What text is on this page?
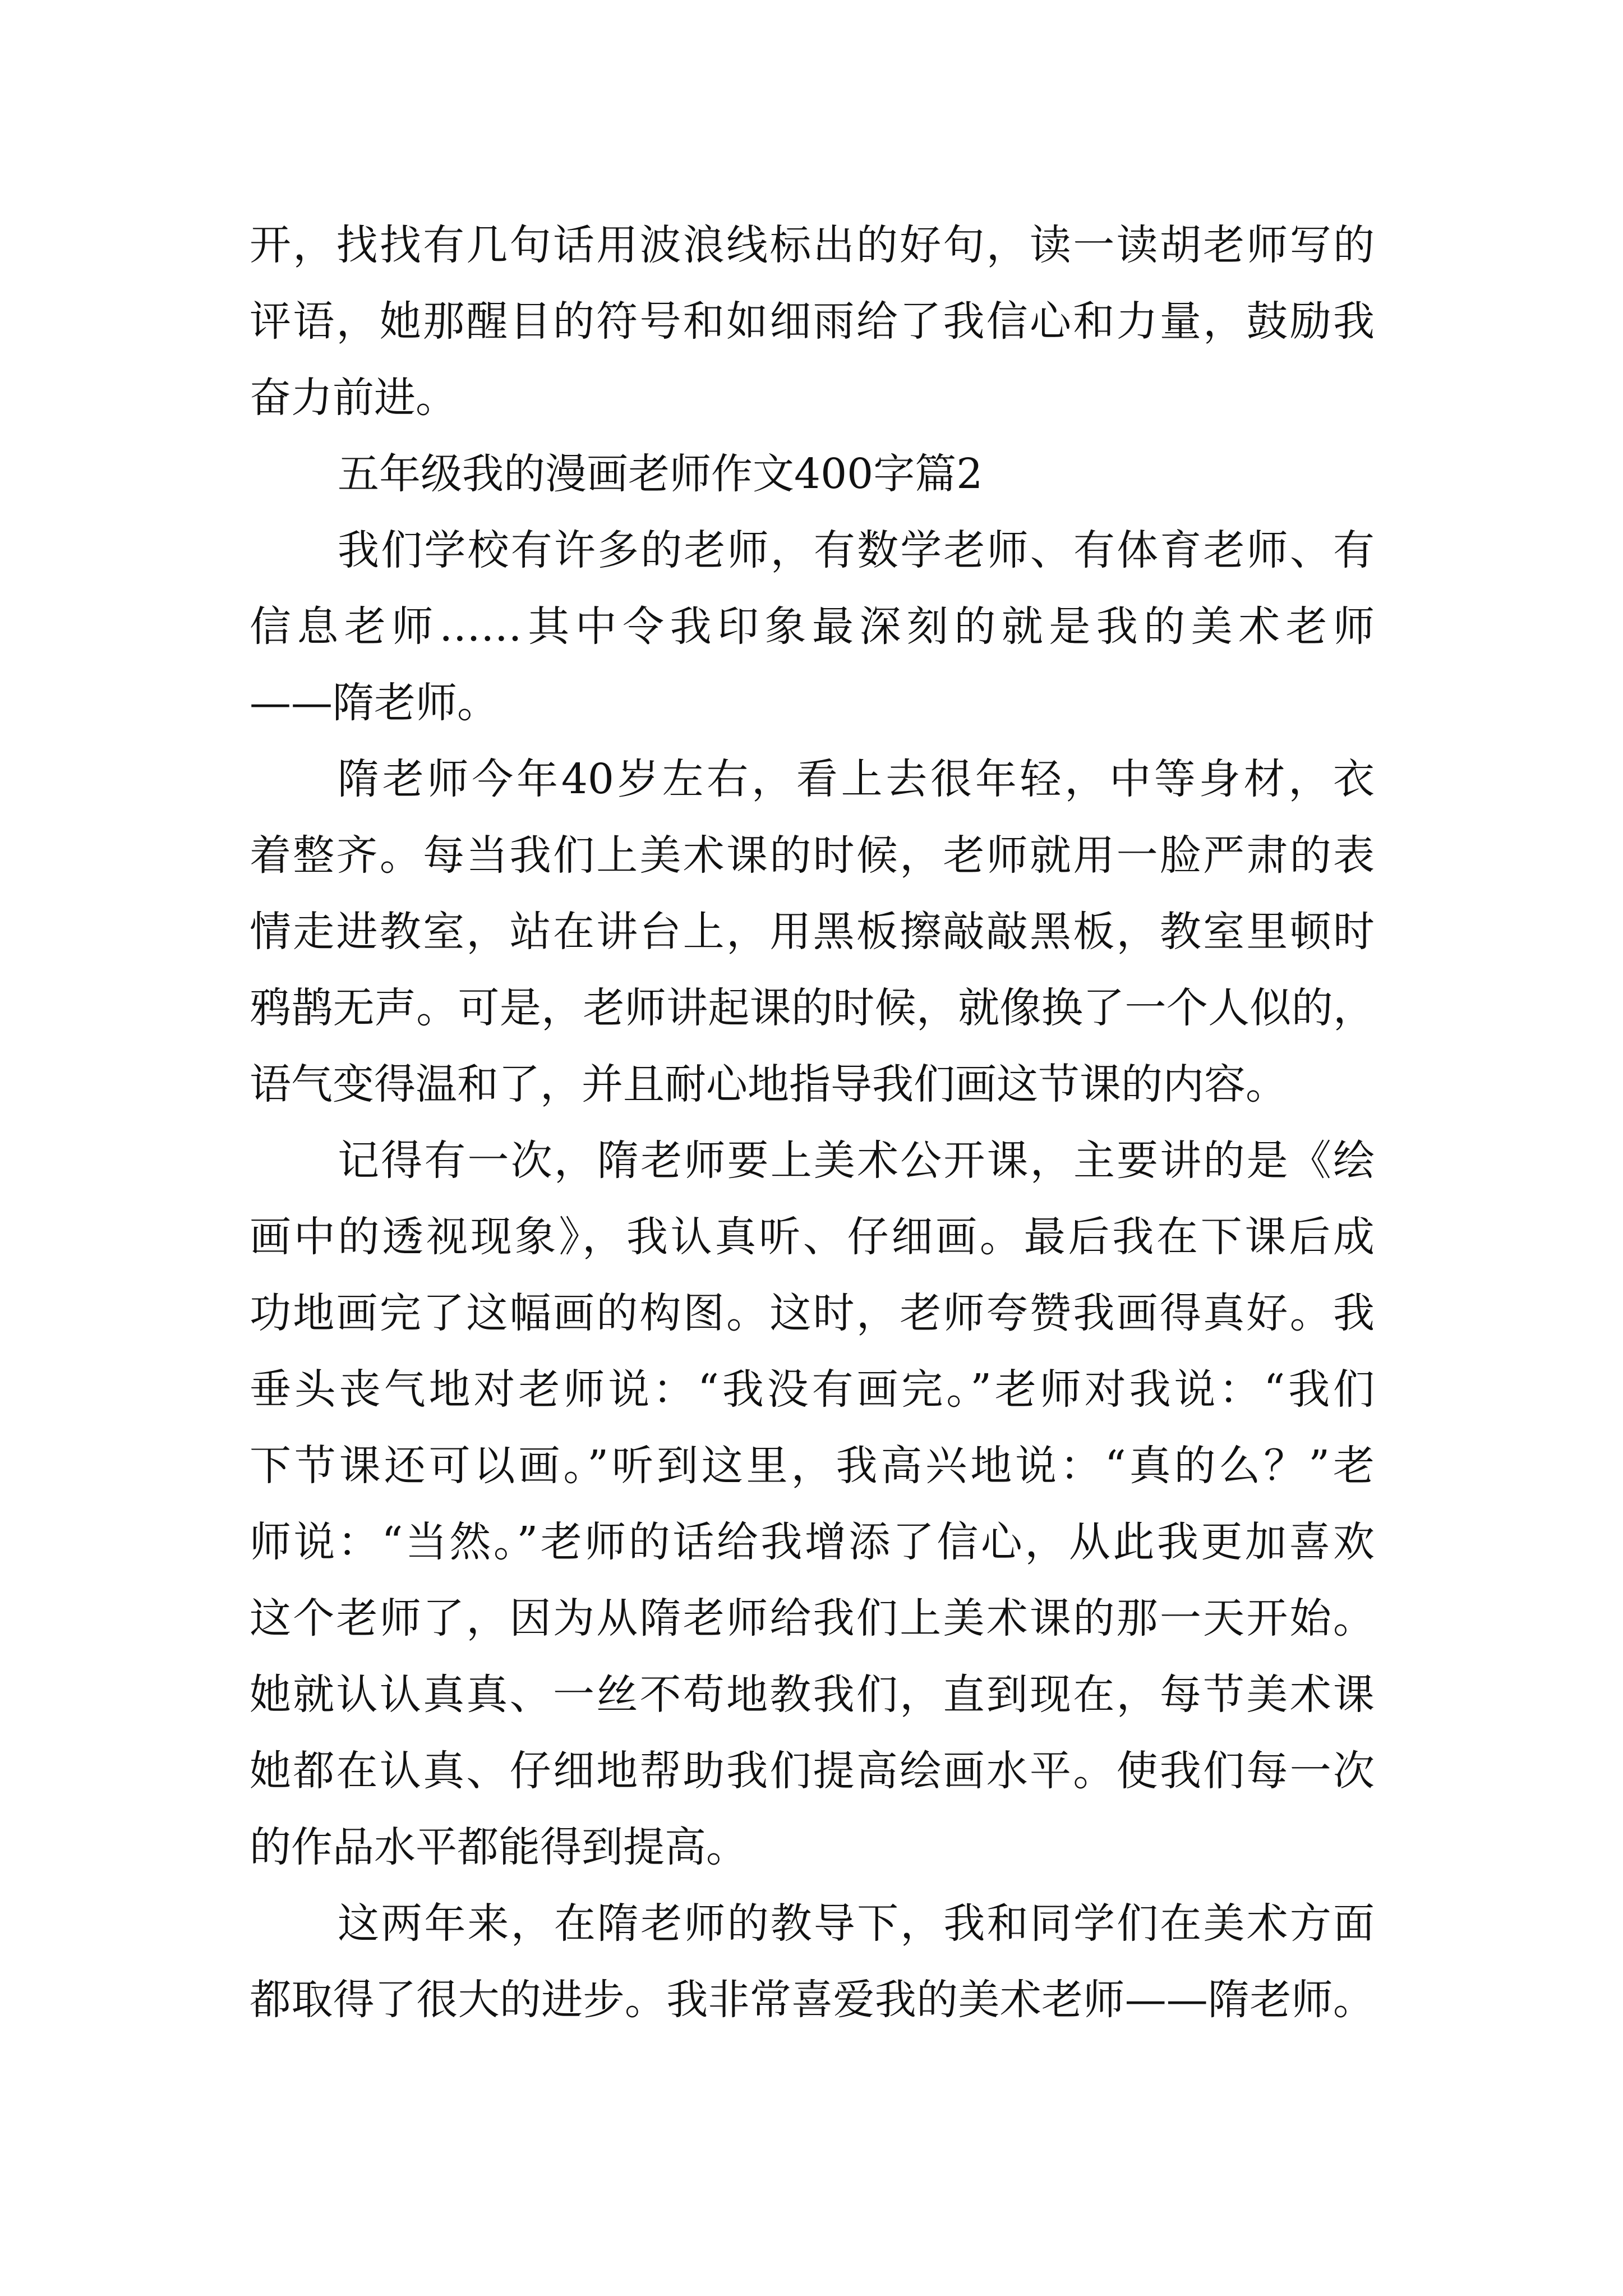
开，找找有几句话用波浪线标出的好句，读一读胡老师写的
评语，她那醒目的符号和如细雨给了我信心和力量，鼓励我
奋力前进。
五年级我的漫画老师作文400字篇2
我们学校有许多的老师，有数学老师、有体育老师、有
信息老师……其中令我印象最深刻的就是我的美术老师
——隋老师。
隋老师今年40岁左右，看上去很年轻，中等身材，衣
着整齐。每当我们上美术课的时候，老师就用一脸严肃的表
情走进教室，站在讲台上，用黑板擦敲敲黑板，教室里顿时
鸦鹊无声。可是，老师讲起课的时候，就像换了一个人似的，
语气变得温和了，并且耐心地指导我们画这节课的内容。
记得有一次，隋老师要上美术公开课，主要讲的是《绘
画中的透视现象》，我认真听、仔细画。最后我在下课后成
功地画完了这幅画的构图。这时，老师夸赞我画得真好。我
垂头丧气地对老师说：“我没有画完。”老师对我说：“我们
下节课还可以画。”听到这里，我高兴地说：“真的么？”老
师说：“当然。”老师的话给我增添了信心，从此我更加喜欢
这个老师了，因为从隋老师给我们上美术课的那一天开始。
她就认认真真、一丝不苟地教我们，直到现在，每节美术课
她都在认真、仔细地帮助我们提高绘画水平。使我们每一次
的作品水平都能得到提高。
这两年来，在隋老师的教导下，我和同学们在美术方面
都取得了很大的进步。我非常喜爱我的美术老师——隋老师。
